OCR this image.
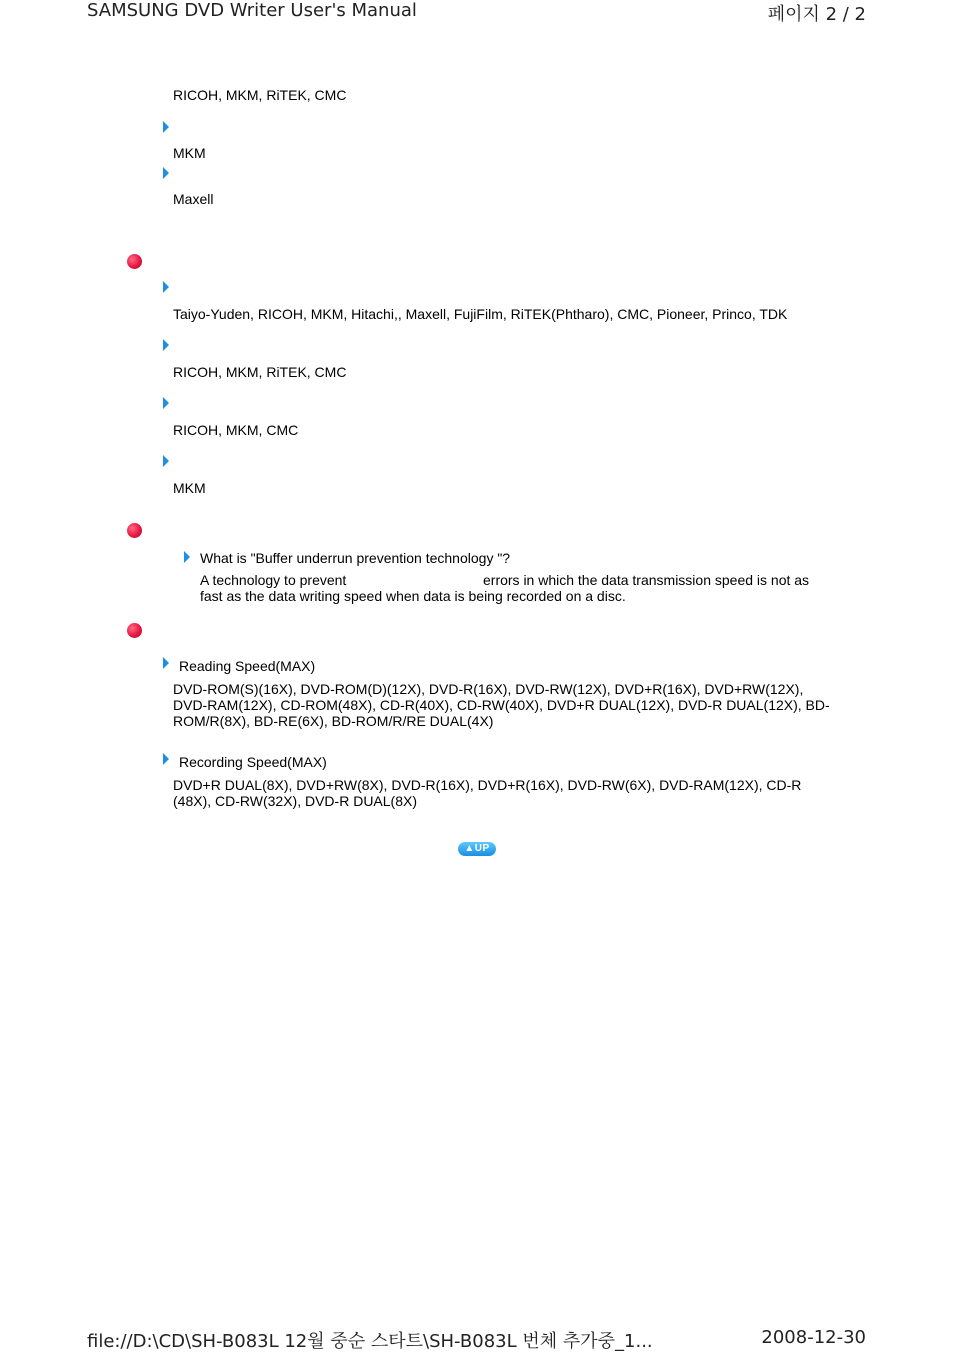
SAMSUNG DVD Writer User's Manual	페이지 2 / 2
RICOH, MKM, RiTEK, CMC
MKM
Maxell
Taiyo-Yuden, RICOH, MKM, Hitachi,, Maxell, FujiFilm, RiTEK(Phtharo), CMC, Pioneer, Princo, TDK
RICOH, MKM, RiTEK, CMC
RICOH, MKM, CMC
MKM
What is "Buffer underrun prevention technology "?
A technology to prevent	errors in which the data transmission speed is not as
fast as the data writing speed when data is being recorded on a disc.
Reading Speed(MAX)
DVD-ROM(S)(16X), DVD-ROM(D)(12X), DVD-R(16X), DVD-RW(12X), DVD+R(16X), DVD+RW(12X), DVD-RAM(12X), CD-ROM(48X), CD-R(40X), CD-RW(40X), DVD+R DUAL(12X), DVD-R DUAL(12X), BD-ROM/R(8X), BD-RE(6X), BD-ROM/R/RE DUAL(4X)
Recording Speed(MAX)
DVD+R DUAL(8X), DVD+RW(8X), DVD-R(16X), DVD+R(16X), DVD-RW(6X), DVD-RAM(12X), CD-R (48X), CD-RW(32X), DVD-R DUAL(8X)
▲UP
file://D:\CD\SH-B083L 12월 중순 스타트\SH-B083L 번체 추가중_1...	2008-12-30
